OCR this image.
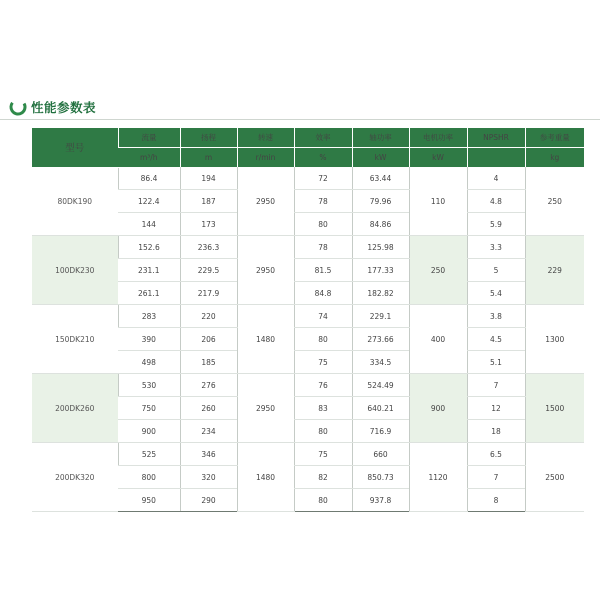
性能参数表
型号	流量	扬程	转速	效率	轴功率	电机功率	NPSHR	参考重量
	m³/h	m	r/min	%	kW	kW		kg
80DK190	86.4	194	2950	72	63.44	110	4	250
	122.4	187		78	79.96		4.8	
	144	173		80	84.86		5.9	
100DK230	152.6	236.3	2950	78	125.98	250	3.3	229
	231.1	229.5		81.5	177.33		5	
	261.1	217.9		84.8	182.82		5.4	
150DK210	283	220	1480	74	229.1	400	3.8	1300
	390	206		80	273.66		4.5	
	498	185		75	334.5		5.1	
200DK260	530	276	2950	76	524.49	900	7	1500
	750	260		83	640.21		12	
	900	234		80	716.9		18	
200DK320	525	346	1480	75	660	1120	6.5	2500
	800	320		82	850.73		7	
	950	290		80	937.8		8	
